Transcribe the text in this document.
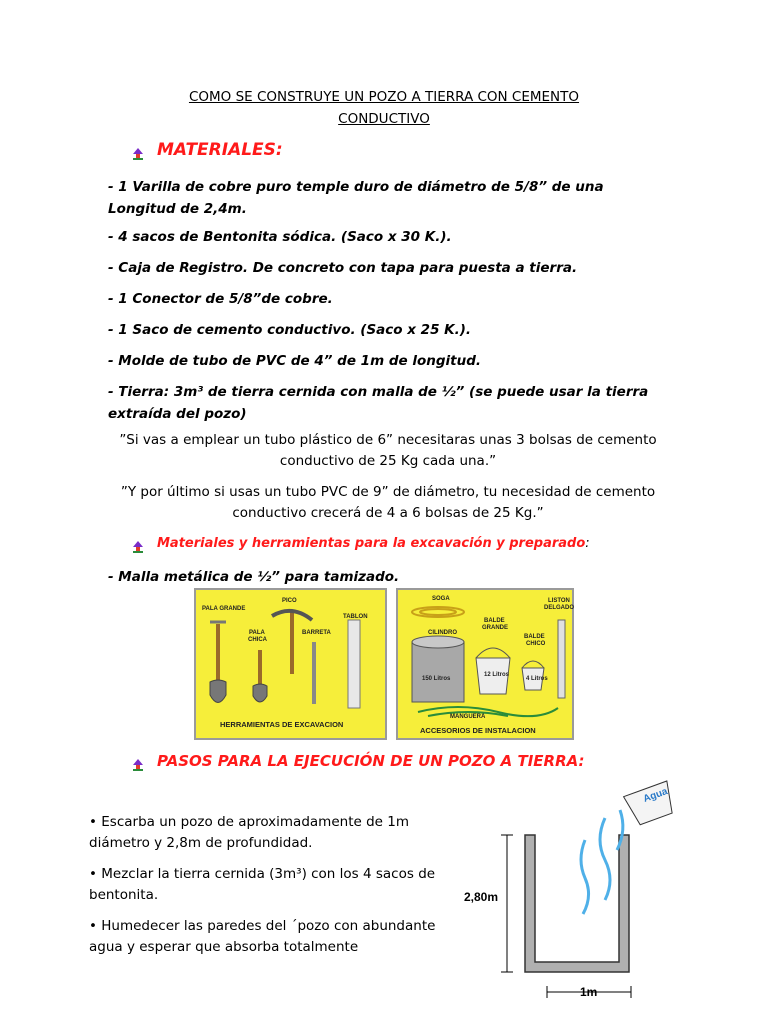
COMO SE CONSTRUYE UN POZO A TIERRA CON CEMENTO
CONDUCTIVO
MATERIALES:
- 1 Varilla de cobre puro temple duro de diámetro de 5/8” de una Longitud de 2,4m.
- 4 sacos de Bentonita sódica. (Saco x 30 K.).
- Caja de Registro. De concreto con tapa para puesta a tierra.
- 1 Conector de 5/8”de cobre.
- 1 Saco de cemento conductivo. (Saco x 25 K.).
- Molde de tubo de PVC de 4” de 1m de longitud.
- Tierra: 3m³ de tierra cernida con malla de ½” (se puede usar la tierra extraída del pozo)
”Si vas a emplear un tubo plástico de 6” necesitaras unas 3 bolsas de cemento conductivo de 25 Kg cada una.”
”Y por último si usas un tubo PVC de 9” de diámetro, tu necesidad de cemento conductivo crecerá de 4 a 6 bolsas de 25 Kg.”
Materiales y herramientas para la excavación y preparado:
- Malla metálica de ½” para tamizado.
PALA GRANDE
PICO
PALA
CHICA
BARRETA
TABLON
HERRAMIENTAS DE EXCAVACION
SOGA	LISTON
DELGADO
BALDE
GRANDE
CILINDRO
BALDE
CHICO
150 Litros
12 Litros
4 Litros
MANGUERA
ACCESORIOS DE INSTALACION
PASOS PARA LA EJECUCIÓN DE UN POZO A TIERRA:
• Escarba un pozo de aproximadamente de 1m diámetro y 2,8m de profundidad.
• Mezclar la tierra cernida (3m³) con los 4 sacos de bentonita.
• Humedecer las paredes del ´pozo con abundante agua y esperar que absorba totalmente
2,80m
1m
Agua
